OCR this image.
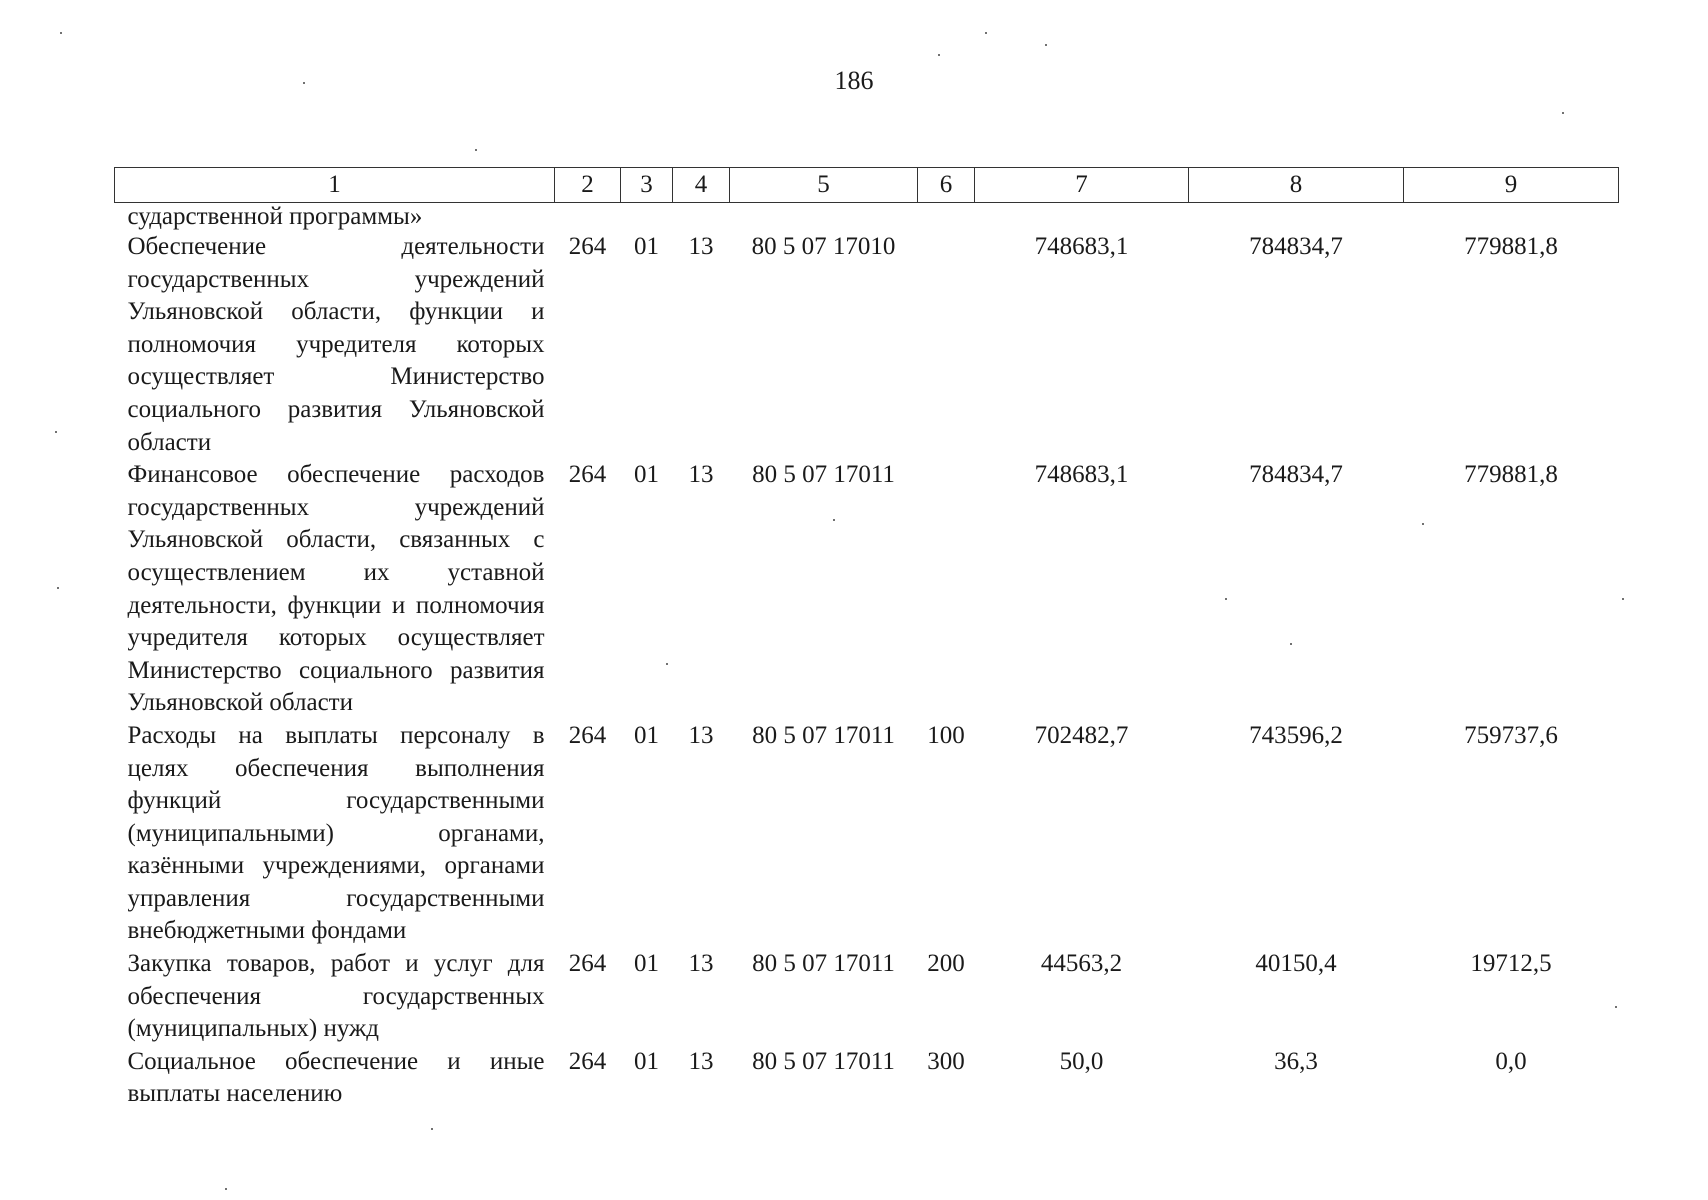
186
1	2	3	4	5	6	7	8	9
сударственной программы»								
Обеспечение деятельности государственных учреждений Ульяновской области, функции и полномочия учредителя которых осуществляет Министерство социального развития Ульяновской области	264	01	13	80 5 07 17010		748683,1	784834,7	779881,8
Финансовое обеспечение расходов государственных учреждений Ульяновской области, связанных с осуществлением их уставной деятельности, функции и полномочия учредителя которых осуществляет Министерство социального развития Ульяновской области	264	01	13	80 5 07 17011		748683,1	784834,7	779881,8
Расходы на выплаты персоналу в целях обеспечения выполнения функций государственными (муниципальными) органами, казёнными учреждениями, органами управления государственными внебюджетными фондами	264	01	13	80 5 07 17011	100	702482,7	743596,2	759737,6
Закупка товаров, работ и услуг для обеспечения государственных (муниципальных) нужд	264	01	13	80 5 07 17011	200	44563,2	40150,4	19712,5
Социальное обеспечение и иные выплаты населению	264	01	13	80 5 07 17011	300	50,0	36,3	0,0
